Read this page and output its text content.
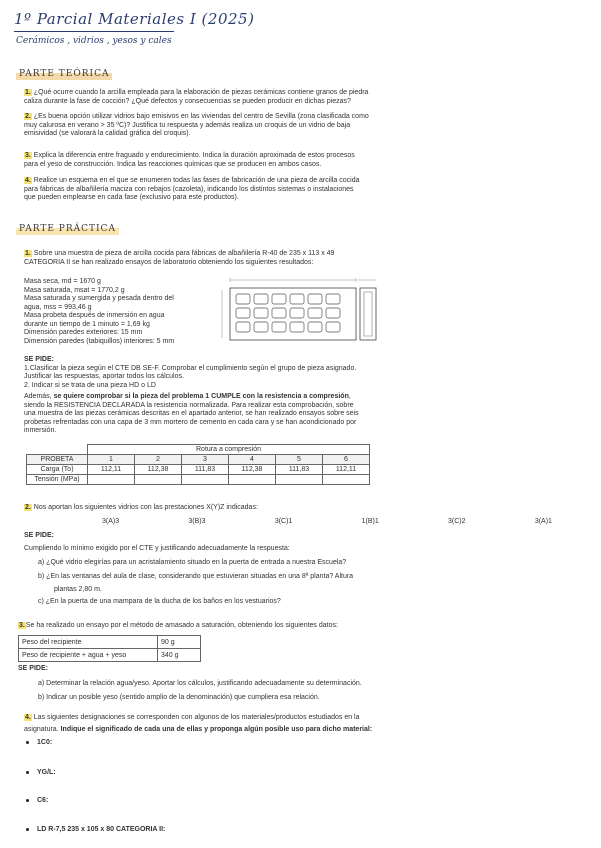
1º Parcial Materiales I (2025)
Cerámicos , vidrios , yesos y cales
PARTE TEÓRICA
1. ¿Qué ocurre cuando la arcilla empleada para la elaboración de piezas cerámicas contiene granos de piedra
caliza durante la fase de cocción? ¿Qué defectos y consecuencias se pueden producir en dichas piezas?
2. ¿Es buena opción utilizar vidrios bajo emisivos en las viviendas del centro de Sevilla (zona clasificada como
muy calurosa en verano > 35 ºC)? Justifica tu respuesta y además realiza un croquis de un vidrio de baja
emisividad (se valorará la calidad gráfica del croquis).
3. Explica la diferencia entre fraguado y endurecimiento. Indica la duración aproximada de estos procesos
para el yeso de construcción. Indica las reacciones químicas que se producen en ambos casos.
4. Realice un esquema en el que se enumeren todas las fases de fabricación de una pieza de arcilla cocida
para fábricas de albañilería maciza con rebajos (cazoleta), indicando los distintos sistemas o instalaciones
que pueden emplearse en cada fase (exclusivo para este productos).
PARTE PRÁCTICA
1. Sobre una muestra de pieza de arcilla cocida para fábricas de albañilería R-40 de 235 x 113 x 49
CATEGORIA II se han realizado ensayos de laboratorio obteniendo los siguientes resultados:
Masa seca, md = 1670 g
Masa saturada, msat = 1770,2 g
Masa saturada y sumergida y pesada dentro del
agua, mss = 993,46 g
Masa probeta después de inmersión en agua
durante un tiempo de 1 minuto = 1,69 kg
Dimensión paredes exteriores: 15 mm
Dimensión paredes (tabiquillos) interiores: 5 mm
SE PIDE:
1.Clasificar la pieza según el CTE DB SE-F. Comprobar el cumplimiento según el grupo de pieza asignado.
Justificar las respuestas, aportar todos los cálculos.
2. Indicar si se trata de una pieza HD o LD
Además, se quiere comprobar si la pieza del problema 1 CUMPLE con la resistencia a compresión,
siendo la RESISTENCIA DECLARADA la resistencia normalizada. Para realizar esta comprobación, sobre
una muestra de las piezas cerámicas descritas en el apartado anterior, se han realizado ensayos sobre seis
probetas refrentadas con una capa de 3 mm mortero de cemento en cada cara y se han acondicionado por
inmersión.
	Rotura a compresión					
PROBETA	1	2	3	4	5	6
Carga (To)	112,11	112,38	111,83	112,38	111,83	112,11
Tensión (MPa)						
2. Nos aportan los siguientes vidrios con las prestaciones X(Y)Z indicadas:
3(A)3	3(B)3	3(C)1	1(B)1	3(C)2	3(A)1
SE PIDE:
Cumpliendo lo mínimo exigido por el CTE y justificando adecuadamente la respuesta:
a) ¿Qué vidrio elegirías para un acristalamiento situado en la puerta de entrada a nuestra Escuela?
b) ¿En las ventanas del aula de clase, considerando que estuvieran situadas en una 8ª planta? Altura
plantas 2,80 m.
c) ¿En la puerta de una mampara de la ducha de los baños en los vestuarios?
3.Se ha realizado un ensayo por el método de amasado a saturación, obteniendo los siguientes datos:
Peso del recipiente	90 g
Peso de recipiente + agua + yeso	340 g
SE PIDE:
a) Determinar la relación agua/yeso. Aportar los cálculos, justificando adecuadamente su determinación.
b) Indicar un posible yeso (sentido amplio de la denominación) que cumpliera esa relación.
4. Las siguientes designaciones se corresponden con algunos de los materiales/productos estudiados en la
asignatura. Indique el significado de cada una de ellas y proponga algún posible uso para dicho material:
1C0:
YG/L:
C6:
LD R-7,5 235 x 105 x 80 CATEGORIA II:
